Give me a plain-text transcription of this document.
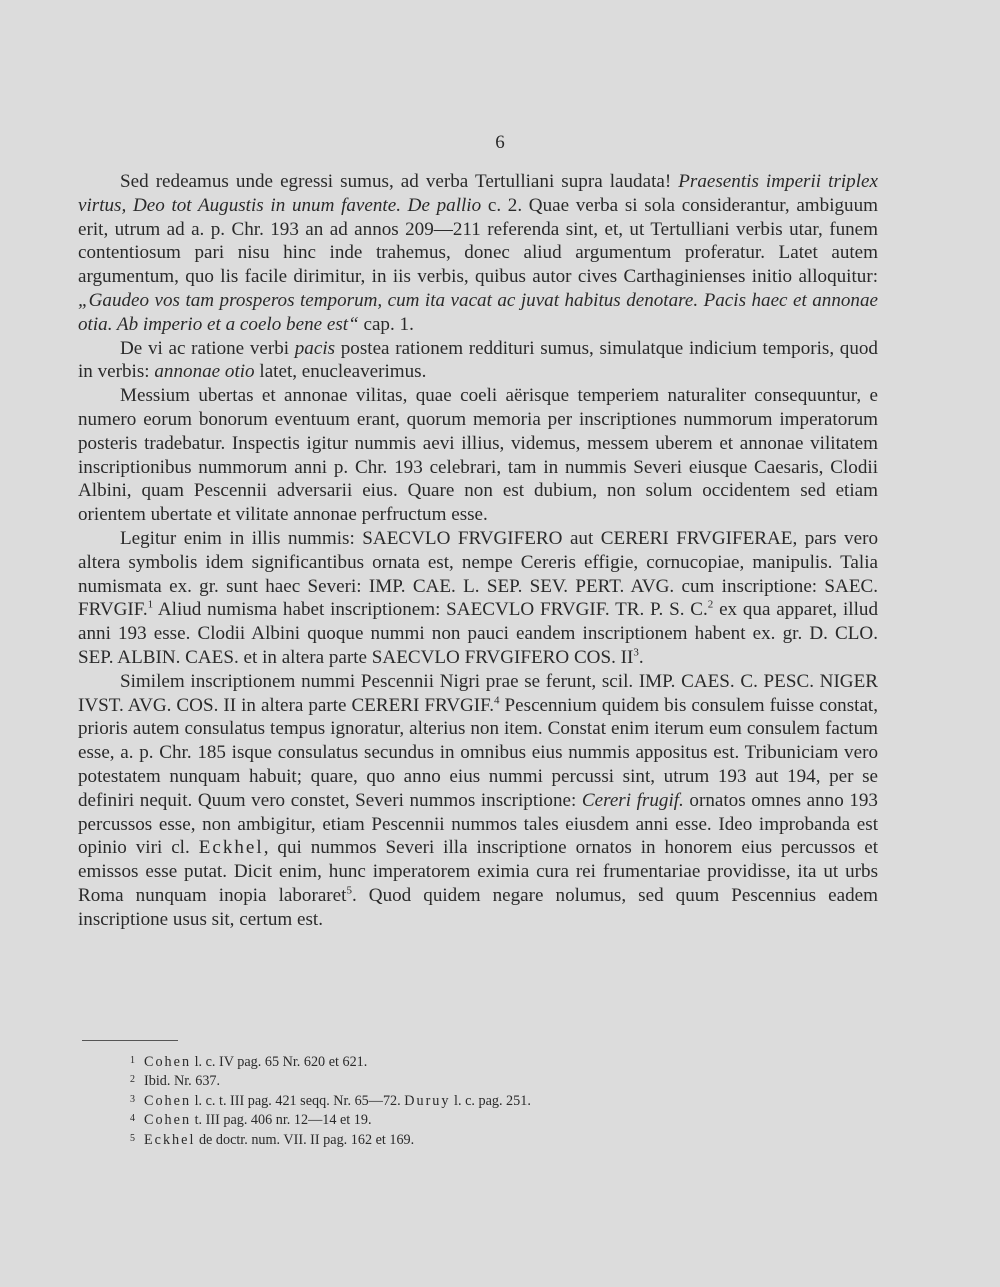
6

Sed redeamus unde egressi sumus, ad verba Tertulliani supra laudata! Praesentis imperii triplex virtus, Deo tot Augustis in unum favente. De pallio c. 2. Quae verba si sola considerantur, ambiguum erit, utrum ad a. p. Chr. 193 an ad annos 209—211 referenda sint, et, ut Tertulliani verbis utar, funem contentiosum pari nisu hinc inde trahemus, donec aliud argumentum proferatur. Latet autem argumentum, quo lis facile dirimitur, in iis verbis, quibus autor cives Carthaginienses initio alloquitur: „Gaudeo vos tam prosperos temporum, cum ita vacat ac juvat habitus denotare. Pacis haec et annonae otia. Ab imperio et a coelo bene est“ cap. 1.

De vi ac ratione verbi pacis postea rationem reddituri sumus, simulatque indicium temporis, quod in verbis: annonae otio latet, enucleaverimus.

Messium ubertas et annonae vilitas, quae coeli aërisque temperiem naturaliter consequuntur, e numero eorum bonorum eventuum erant, quorum memoria per inscriptiones nummorum imperatorum posteris tradebatur. Inspectis igitur nummis aevi illius, videmus, messem uberem et annonae vilitatem inscriptionibus nummorum anni p. Chr. 193 celebrari, tam in nummis Severi eiusque Caesaris, Clodii Albini, quam Pescennii adversarii eius. Quare non est dubium, non solum occidentem sed etiam orientem ubertate et vilitate annonae perfructum esse.

Legitur enim in illis nummis: SAECVLO FRVGIFERO aut CERERI FRVGIFERAE, pars vero altera symbolis idem significantibus ornata est, nempe Cereris effigie, cornucopiae, manipulis. Talia numismata ex. gr. sunt haec Severi: IMP. CAE. L. SEP. SEV. PERT. AVG. cum inscriptione: SAEC. FRVGIF.$^1$ Aliud numisma habet inscriptionem: SAECVLO FRVGIF. TR. P. S. C.$^2$ ex qua apparet, illud anni 193 esse. Clodii Albini quoque nummi non pauci eandem inscriptionem habent ex. gr. D. CLO. SEP. ALBIN. CAES. et in altera parte SAECVLO FRVGIFERO COS. $II^3$.

Similem inscriptionem nummi Pescennii Nigri prae se ferunt, scil. IMP. CAES. C. PESC. NIGER IVST. AVG. COS. II in altera parte CERERI FRVGIF.$^4$ Pescennium quidem bis consulem fuisse constat, prioris autem consulatus tempus ignoratur, alterius non item. Constat enim iterum eum consulem factum esse, a. p. Chr. 185 isque consulatus secundus in omnibus eius nummis appositus est. Tribuniciam vero potestatem nunquam habuit; quare, quo anno eius nummi percussi sint, utrum 193 aut 194, per se definiri nequit. Quum vero constet, Severi nummos inscriptione: Cereri frugif. ornatos omnes anno 193 percussos esse, non ambigitur, etiam Pescennii nummos tales eiusdem anni esse. Ideo improbanda est opinio viri cl. Eckhel, qui nummos Severi illa inscriptione ornatos in honorem eius percussos et emissos esse putat. Dicit enim, hunc imperatorem eximia cura rei frumentariae providisse, ita ut urbs Roma nunquam inopia laboraret$^5$. Quod quidem negare nolumus, sed quum Pescennius eadem inscriptione usus sit, certum est.

1 Cohen l. c. IV pag. 65 Nr. 620 et 621.
2 Ibid. Nr. 637.
3 Cohen l. c. t. III pag. 421 seqq. Nr. 65—72. Duruy l. c. pag. 251.
4 Cohen t. III pag. 406 nr. 12—14 et 19.
5 Eckhel de doctr. num. VII. II pag. 162 et 169.
